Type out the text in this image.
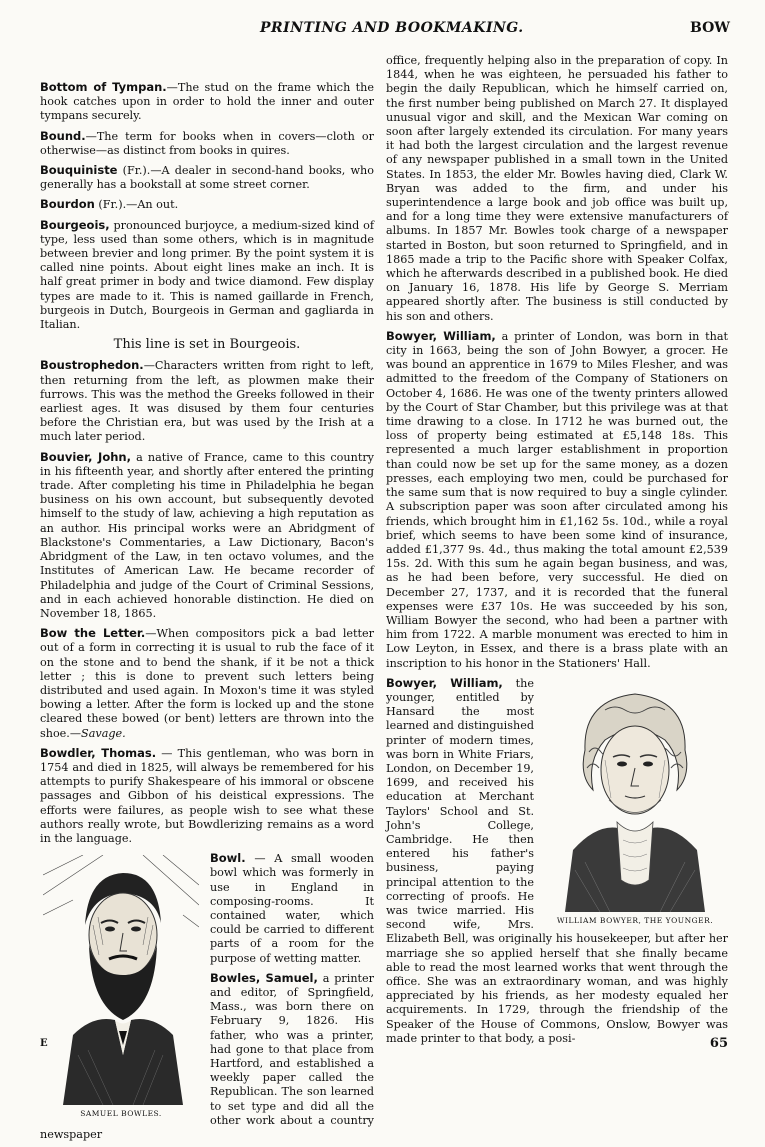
PRINTING AND BOOKMAKING.	BOW

Bottom of Tympan.—The stud on the frame which the hook catches upon in order to hold the inner and outer tympans securely.

Bound.—The term for books when in covers—cloth or otherwise—as distinct from books in quires.

Bouquiniste (Fr.).—A dealer in second-hand books, who generally has a bookstall at some street corner.

Bourdon (Fr.).—An out.

Bourgeois, pronounced burjoyce, a medium-sized kind of type, less used than some others, which is in magnitude between brevier and long primer. By the point system it is called nine points. About eight lines make an inch. It is half great primer in body and twice diamond. Few display types are made to it. This is named gaillarde in French, burgeois in Dutch, Bourgeois in German and gagliarda in Italian.

This line is set in Bourgeois.

Boustrophedon.—Characters written from right to left, then returning from the left, as plowmen make their furrows. This was the method the Greeks followed in their earliest ages. It was disused by them four centuries before the Christian era, but was used by the Irish at a much later period.

Bouvier, John, a native of France, came to this country in his fifteenth year, and shortly after entered the printing trade. After completing his time in Philadelphia he began business on his own account, but subsequently devoted himself to the study of law, achieving a high reputation as an author. His principal works were an Abridgment of Blackstone's Commentaries, a Law Dictionary, Bacon's Abridgment of the Law, in ten octavo volumes, and the Institutes of American Law. He became recorder of Philadelphia and judge of the Court of Criminal Sessions, and in each achieved honorable distinction. He died on November 18, 1865.

Bow the Letter.—When compositors pick a bad letter out of a form in correcting it is usual to rub the face of it on the stone and to bend the shank, if it be not a thick letter ; this is done to prevent such letters being distributed and used again. In Moxon's time it was styled bowing a letter. After the form is locked up and the stone cleared these bowed (or bent) letters are thrown into the shoe.—Savage.

Bowdler, Thomas. — This gentleman, who was born in 1754 and died in 1825, will always be remembered for his attempts to purify Shakespeare of his immoral or obscene passages and Gibbon of his deistical expressions. The efforts were failures, as people wish to see what these authors really wrote, but Bowdlerizing remains as a word in the language.

SAMUEL BOWLES.

Bowl. — A small wooden bowl which was formerly in use in England in composing-rooms. It contained water, which could be carried to different parts of a room for the purpose of wetting matter.

Bowles, Samuel, a printer and editor, of Springfield, Mass., was born there on February 9, 1826. His father, who was a printer, had gone to that place from Hartford, and established a weekly paper called the Republican. The son learned to set type and did all the other work about a country newspaper

office, frequently helping also in the preparation of copy. In 1844, when he was eighteen, he persuaded his father to begin the daily Republican, which he himself carried on, the first number being published on March 27. It displayed unusual vigor and skill, and the Mexican War coming on soon after largely extended its circulation. For many years it had both the largest circulation and the largest revenue of any newspaper published in a small town in the United States. In 1853, the elder Mr. Bowles having died, Clark W. Bryan was added to the firm, and under his superintendence a large book and job office was built up, and for a long time they were extensive manufacturers of albums. In 1857 Mr. Bowles took charge of a newspaper started in Boston, but soon returned to Springfield, and in 1865 made a trip to the Pacific shore with Speaker Colfax, which he afterwards described in a published book. He died on January 16, 1878. His life by George S. Merriam appeared shortly after. The business is still conducted by his son and others.

Bowyer, William, a printer of London, was born in that city in 1663, being the son of John Bowyer, a grocer. He was bound an apprentice in 1679 to Miles Flesher, and was admitted to the freedom of the Company of Stationers on October 4, 1686. He was one of the twenty printers allowed by the Court of Star Chamber, but this privilege was at that time drawing to a close. In 1712 he was burned out, the loss of property being estimated at £5,148 18s. This represented a much larger establishment in proportion than could now be set up for the same money, as a dozen presses, each employing two men, could be purchased for the same sum that is now required to buy a single cylinder. A subscription paper was soon after circulated among his friends, which brought him in £1,162 5s. 10d., while a royal brief, which seems to have been some kind of insurance, added £1,377 9s. 4d., thus making the total amount £2,539 15s. 2d. With this sum he again began business, and was, as he had been before, very successful. He died on December 27, 1737, and it is recorded that the funeral expenses were £37 10s. He was succeeded by his son, William Bowyer the second, who had been a partner with him from 1722. A marble monument was erected to him in Low Leyton, in Essex, and there is a brass plate with an inscription to his honor in the Stationers' Hall.

WILLIAM BOWYER, THE YOUNGER.

Bowyer, William, the younger, entitled by Hansard the most learned and distinguished printer of modern times, was born in White Friars, London, on December 19, 1699, and received his education at Merchant Taylors' School and St. John's College, Cambridge. He then entered his father's business, paying principal attention to the correcting of proofs. He was twice married. His second wife, Mrs. Elizabeth Bell, was originally his housekeeper, but after her marriage she so applied herself that she finally became able to read the most learned works that went through the office. She was an extraordinary woman, and was highly appreciated by his friends, as her modesty equaled her acquirements. In 1729, through the friendship of the Speaker of the House of Commons, Onslow, Bowyer was made printer to that body, a posi-

E	65
